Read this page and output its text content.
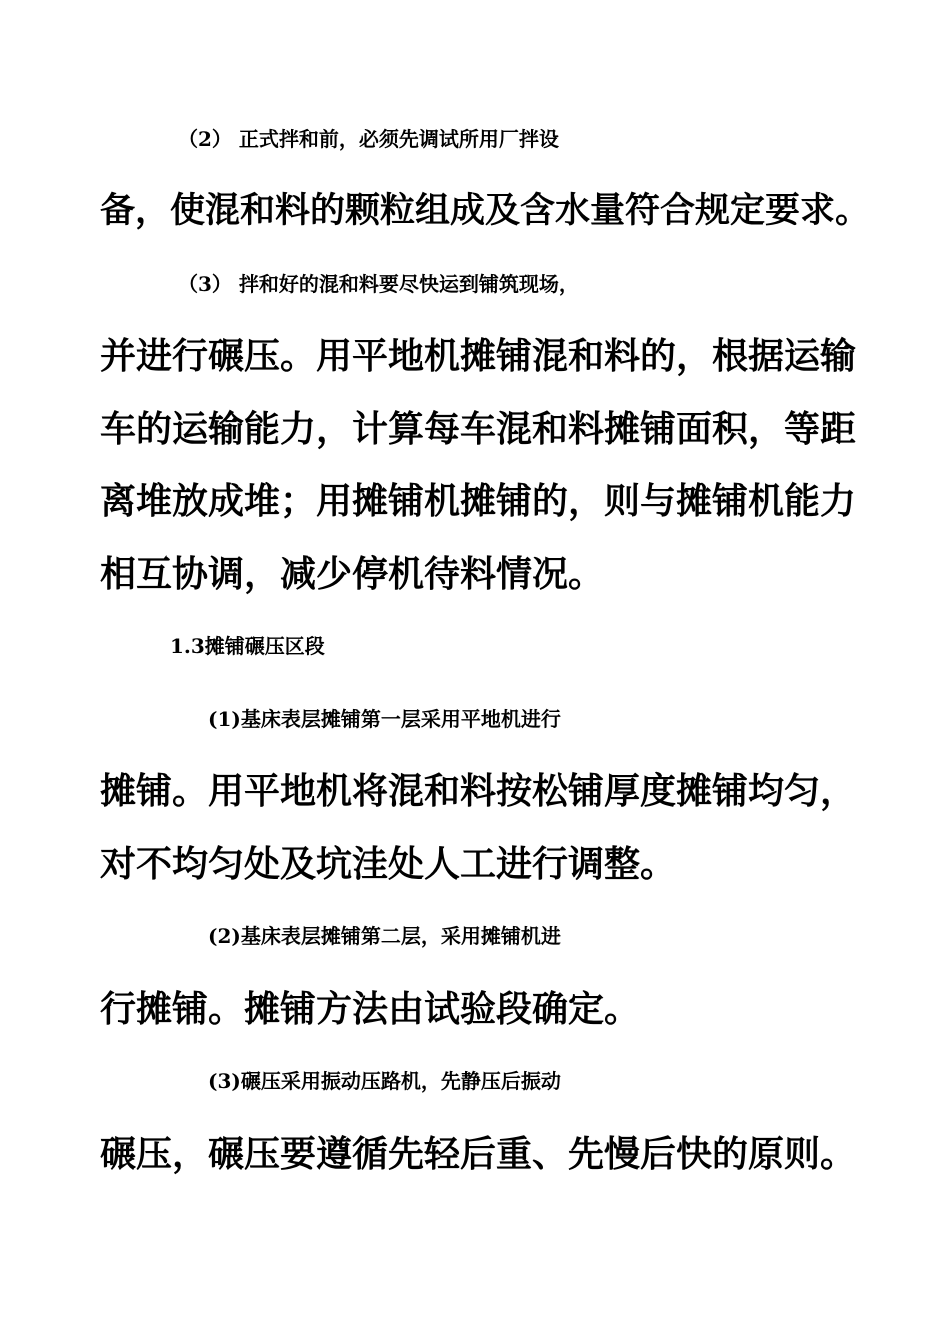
（2） 正式拌和前，必须先调试所用厂拌设
备，使混和料的颗粒组成及含水量符合规定要求。
（3） 拌和好的混和料要尽快运到铺筑现场，
并进行碾压。用平地机摊铺混和料的，根据运输
车的运输能力，计算每车混和料摊铺面积，等距
离堆放成堆；用摊铺机摊铺的，则与摊铺机能力
相互协调，减少停机待料情况。
1.3摊铺碾压区段
(1)基床表层摊铺第一层采用平地机进行
摊铺。用平地机将混和料按松铺厚度摊铺均匀，
对不均匀处及坑洼处人工进行调整。
(2)基床表层摊铺第二层，采用摊铺机进
行摊铺。摊铺方法由试验段确定。
(3)碾压采用振动压路机，先静压后振动
碾压，碾压要遵循先轻后重、先慢后快的原则。
